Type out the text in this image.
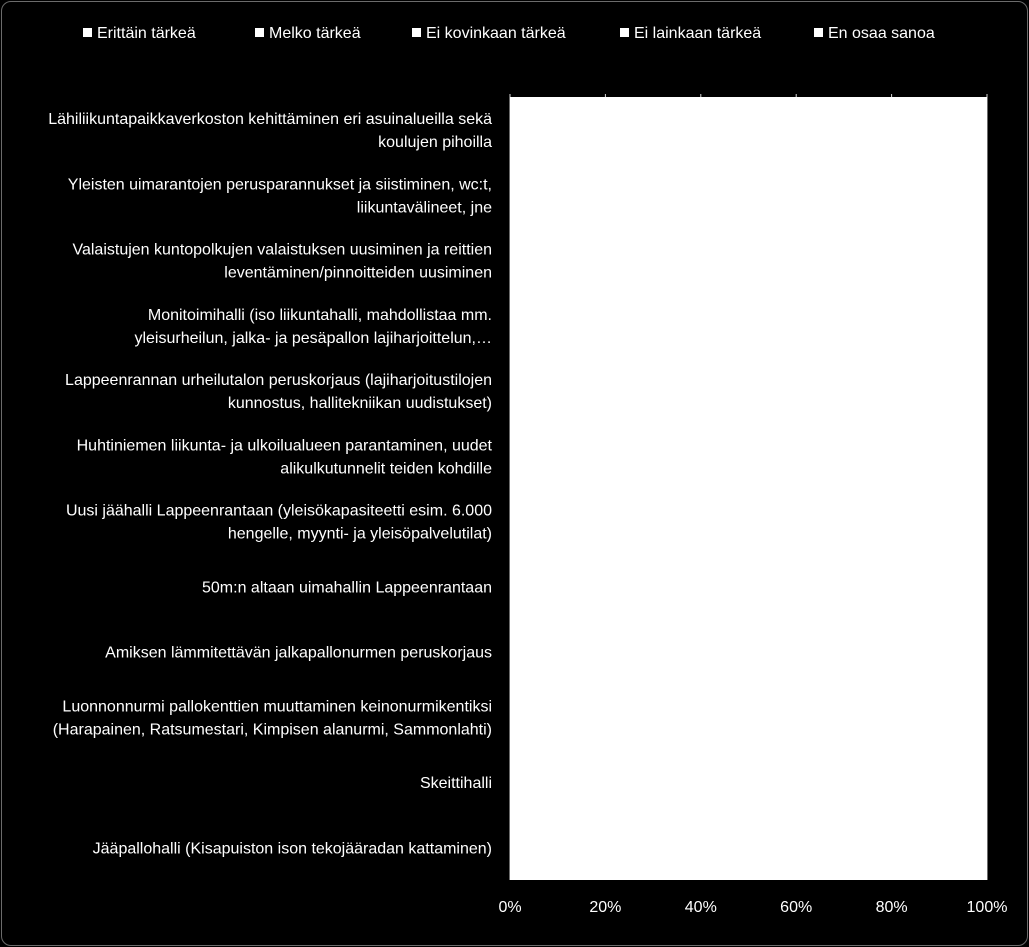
Erittäin tärkeä	Melko tärkeä	Ei kovinkaan tärkeä	Ei lainkaan tärkeä	En osaa sanoa
Lähiliikuntapaikkaverkoston kehittäminen eri asuinalueilla sekä
koulujen pihoilla
Yleisten uimarantojen perusparannukset ja siistiminen, wc:t,
liikuntavälineet, jne
Valaistujen kuntopolkujen valaistuksen uusiminen ja reittien
leventäminen/pinnoitteiden uusiminen
Monitoimihalli (iso liikuntahalli, mahdollistaa mm.
yleisurheilun, jalka- ja pesäpallon lajiharjoittelun,…
Lappeenrannan urheilutalon peruskorjaus (lajiharjoitustilojen
kunnostus, hallitekniikan uudistukset)
Huhtiniemen liikunta- ja ulkoilualueen parantaminen, uudet
alikulkutunnelit teiden kohdille
Uusi jäähalli Lappeenrantaan (yleisökapasiteetti esim. 6.000
hengelle, myynti- ja yleisöpalvelutilat)
50m:n altaan uimahallin Lappeenrantaan
Amiksen lämmitettävän jalkapallonurmen peruskorjaus
Luonnonnurmi pallokenttien muuttaminen keinonurmikentiksi
(Harapainen, Ratsumestari, Kimpisen alanurmi, Sammonlahti)
Skeittihalli
Jääpallohalli (Kisapuiston ison tekojääradan kattaminen)
0%	20%	40%	60%	80%	100%
